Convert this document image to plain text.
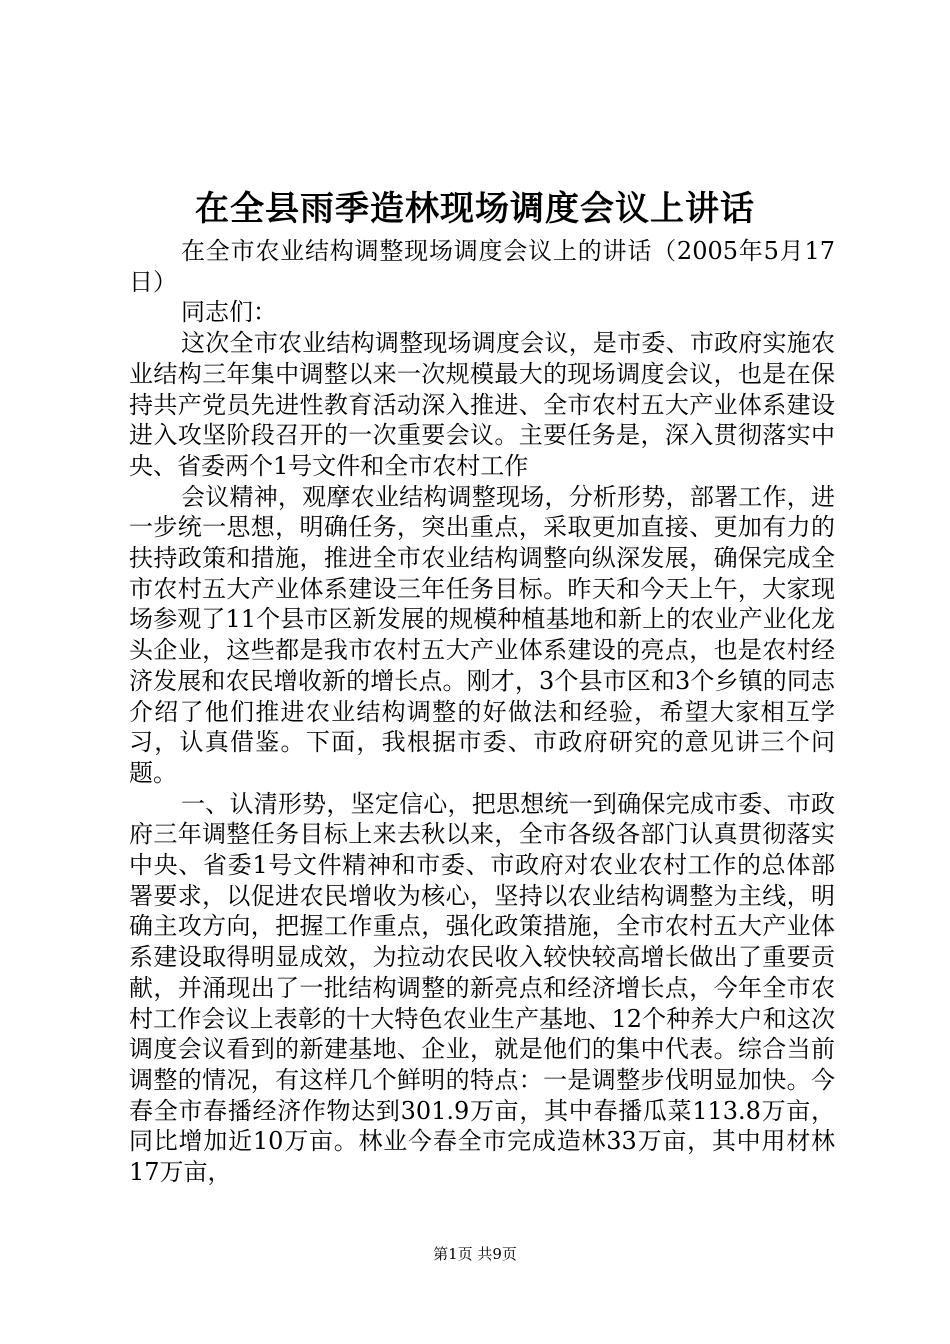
在全县雨季造林现场调度会议上讲话

在全市农业结构调整现场调度会议上的讲话（2005年5月17日）

同志们：

这次全市农业结构调整现场调度会议，是市委、市政府实施农业结构三年集中调整以来一次规模最大的现场调度会议，也是在保持共产党员先进性教育活动深入推进、全市农村五大产业体系建设进入攻坚阶段召开的一次重要会议。主要任务是，深入贯彻落实中央、省委两个1号文件和全市农村工作

会议精神，观摩农业结构调整现场，分析形势，部署工作，进一步统一思想，明确任务，突出重点，采取更加直接、更加有力的扶持政策和措施，推进全市农业结构调整向纵深发展，确保完成全市农村五大产业体系建设三年任务目标。昨天和今天上午，大家现场参观了11个县市区新发展的规模种植基地和新上的农业产业化龙头企业，这些都是我市农村五大产业体系建设的亮点，也是农村经济发展和农民增收新的增长点。刚才，3个县市区和3个乡镇的同志介绍了他们推进农业结构调整的好做法和经验，希望大家相互学习，认真借鉴。下面，我根据市委、市政府研究的意见讲三个问题。

一、认清形势，坚定信心，把思想统一到确保完成市委、市政府三年调整任务目标上来去秋以来，全市各级各部门认真贯彻落实中央、省委1号文件精神和市委、市政府对农业农村工作的总体部署要求，以促进农民增收为核心，坚持以农业结构调整为主线，明确主攻方向，把握工作重点，强化政策措施，全市农村五大产业体系建设取得明显成效，为拉动农民收入较快较高增长做出了重要贡献，并涌现出了一批结构调整的新亮点和经济增长点，今年全市农村工作会议上表彰的十大特色农业生产基地、12个种养大户和这次调度会议看到的新建基地、企业，就是他们的集中代表。综合当前调整的情况，有这样几个鲜明的特点：一是调整步伐明显加快。今春全市春播经济作物达到301.9万亩，其中春播瓜菜113.8万亩，同比增加近10万亩。林业今春全市完成造林33万亩，其中用材林17万亩，

第1页 共9页
